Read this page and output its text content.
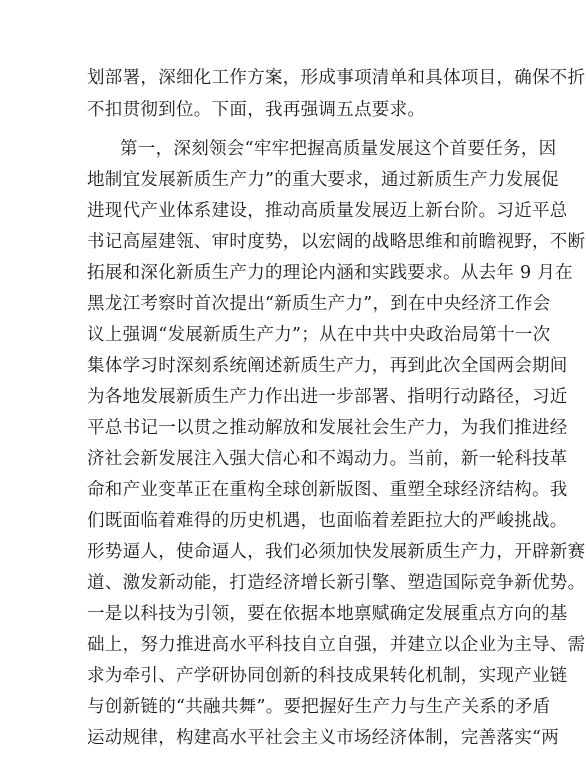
划部署，深细化工作方案，形成事项清单和具体项目，确保不折
不扣贯彻到位。下面，我再强调五点要求。
第一，深刻领会“牢牢把握高质量发展这个首要任务，因
地制宜发展新质生产力”的重大要求，通过新质生产力发展促
进现代产业体系建设，推动高质量发展迈上新台阶。习近平总
书记高屋建瓴、审时度势，以宏阔的战略思维和前瞻视野，不断
拓展和深化新质生产力的理论内涵和实践要求。从去年 9 月在
黑龙江考察时首次提出“新质生产力”，到在中央经济工作会
议上强调“发展新质生产力”；从在中共中央政治局第十一次
集体学习时深刻系统阐述新质生产力，再到此次全国两会期间
为各地发展新质生产力作出进一步部署、指明行动路径，习近
平总书记一以贯之推动解放和发展社会生产力，为我们推进经
济社会新发展注入强大信心和不竭动力。当前，新一轮科技革
命和产业变革正在重构全球创新版图、重塑全球经济结构。我
们既面临着难得的历史机遇，也面临着差距拉大的严峻挑战。
形势逼人，使命逼人，我们必须加快发展新质生产力，开辟新赛
道、激发新动能，打造经济增长新引擎、塑造国际竞争新优势。
一是以科技为引领，要在依据本地禀赋确定发展重点方向的基
础上，努力推进高水平科技自立自强，并建立以企业为主导、需
求为牵引、产学研协同创新的科技成果转化机制，实现产业链
与创新链的“共融共舞”。要把握好生产力与生产关系的矛盾
运动规律，构建高水平社会主义市场经济体制，完善落实“两
